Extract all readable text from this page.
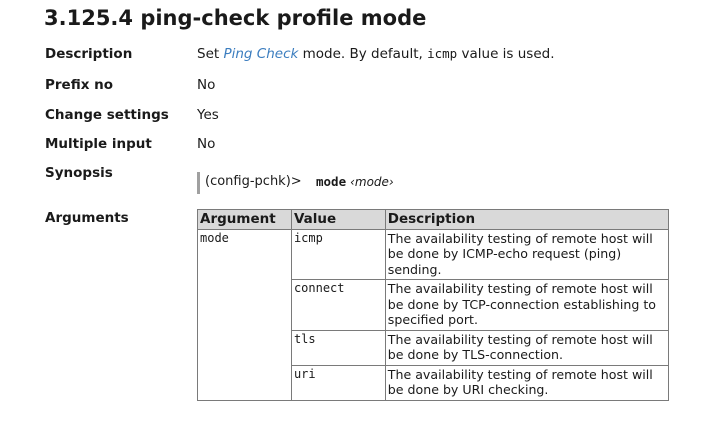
3.125.4 ping-check profile mode
Description	Set Ping Check mode. By default, icmp value is used.
Prefix no	No
Change settings Yes
Multiple input	No
Synopsis
(config-pchk)> mode ‹mode›
Arguments	Argument	Value	Description
mode	icmp	The availability testing of remote host will be done by ICMP-echo request (ping) sending.
	connect	The availability testing of remote host will be done by TCP-connection establishing to specified port.
	tls	The availability testing of remote host will be done by TLS-connection.
	uri	The availability testing of remote host will be done by URI checking.
